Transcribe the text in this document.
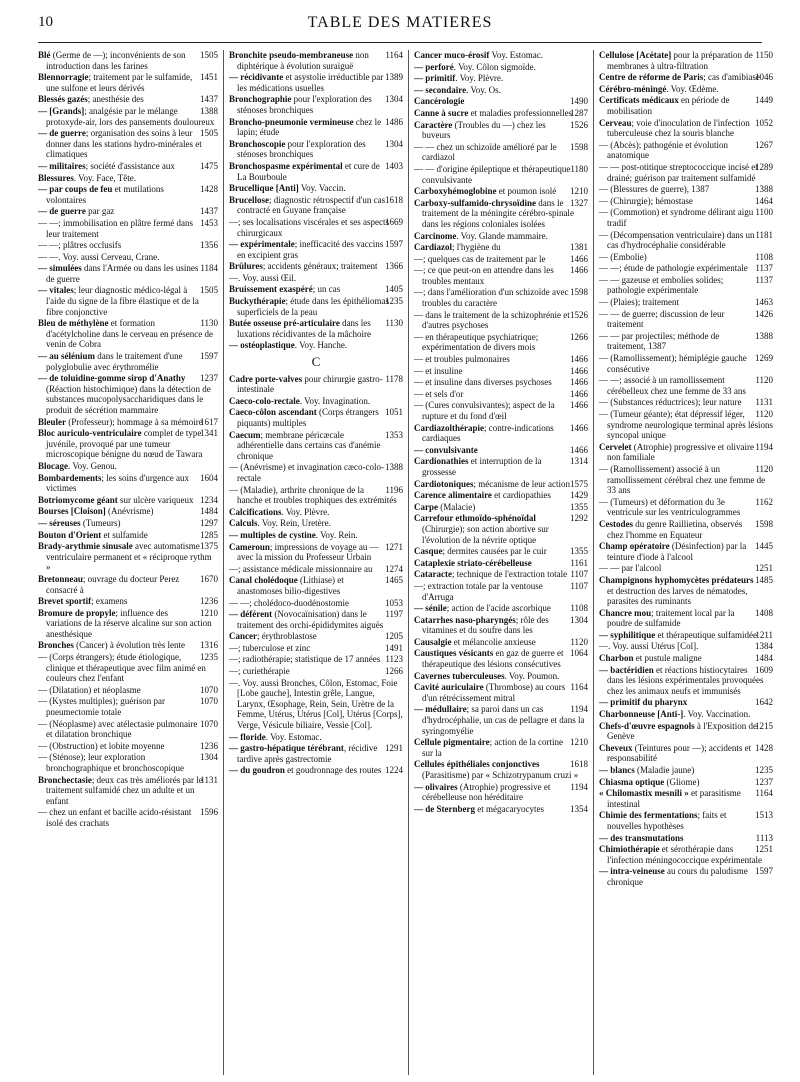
10	TABLE DES MATIERES
1505
Blé (Germe de —); inconvénients de son introduction dans les farines
1451
Blennorragie; traitement par le sulfamide, une sulfone et leurs dérivés
1437
Blessés gazés; anesthésie des
1388
— [Grands]; analgésie par le mélange protoxyde-air, lors des pansements douloureux
1505
— de guerre; organisation des soins à leur donner dans les stations hydro-minérales et climatiques
1475
— militaires; société d'assistance aux
Blessures. Voy. Face, Tête.
1428
— par coups de feu et mutilations volontaires
1437
— de guerre par gaz
1453
— —; immobilisation en plâtre fermé dans leur traitement
1356
— —; plâtres occlusifs
— —. Voy. aussi Cerveau, Crane.
1184
— simulées dans l'Armée ou dans les usines de guerre
1505
— vitales; leur diagnostic médico-légal à l'aide du signe de la fibre élastique et de la fibre conjonctive
1130
Bleu de méthylène et formation d'acétylcholine dans le cerveau en présence de venin de Cobra
1597
— au sélénium dans le traitement d'une polyglobulie avec érythromélie
1237
— de toluidine-gomme sirop d'Anathy (Réaction histochimique) dans la détection de substances mucopolysaccharidiques dans le produit de sécrétion mammaire
1617
Bleuler (Professeur); hommage à sa mémoire
1341
Bloc auriculo-ventriculaire complet de type juvénile, provoqué par une tumeur microscopique bénigne du nœud de Tawara
Blocage. Voy. Genou.
1604
Bombardements; les soins d'urgence aux victimes
1234
Botriomycome géant sur ulcère variqueux
1484
Bourses [Cloison] (Anévrisme)
1297
— séreuses (Tumeurs)
1285
Bouton d'Orient et sulfamide
1375
Brady-arythmie sinusale avec automatisme ventriculaire permanent et « réciproque rythm »
1670
Bretonneau; ouvrage du docteur Perez consacré à
1236
Brevet sportif; examens
1210
Bromure de propyle; influence des variations de la réserve alcaline sur son action anesthésique
1316
Bronches (Cancer) à évolution très lente
1235
— (Corps étrangers); étude étiologique, clinique et thérapeutique avec film animé en couleurs chez l'enfant
1070
— (Dilatation) et néoplasme
1070
— (Kystes multiples); guérison par pneumectomie totale
1070
— (Néoplasme) avec atélectasie pulmonaire et dilatation bronchique
1236
— (Obstruction) et lobite moyenne
1304
— (Sténose); leur exploration bronchographique et bronchoscopique
1131
Bronchectasie; deux cas très améliorés par le traitement sulfamidé chez un adulte et un enfant
1596
— chez un enfant et bacille acido-résistant isolé des crachats
1164
Bronchite pseudo-membraneuse non diphtérique à évolution suraiguë
1389
— récidivante et asystolie irréductible par les médications usuelles
1304
Bronchographie pour l'exploration des sténoses bronchiques
1486
Broncho-pneumonie vermineuse chez le lapin; étude
1304
Bronchoscopie pour l'exploration des sténoses bronchiques
1403
Bronchospasme expérimental et cure de La Bourboule
Brucellique [Anti] Voy. Vaccin.
1618
Brucellose; diagnostic rétrospectif d'un cas contracté en Guyane française
1669
—; ses localisations viscérales et ses aspects chirurgicaux
1597
— expérimentale; inefficacité des vaccins en excipient gras
1366
Brûlures; accidents généraux; traitement
—. Voy. aussi Œil.
1405
Bruissement exaspéré; un cas
1235
Buckythérapie; étude dans les épithéliomas superficiels de la peau
1130
Butée osseuse pré-articulaire dans les luxations récidivantes de la mâchoire
— ostéoplastique. Voy. Hanche.
C
1178
Cadre porte-valves pour chirurgie gastro-intestinale
Caeco-colo-rectale. Voy. Invagination.
1051
Caeco-côlon ascendant (Corps étrangers piquants) multiples
1353
Caecum; membrane péricæcale adhérentielle dans certains cas d'anémie chronique
1388
— (Anévrisme) et invagination cæco-colo-rectale
1196
— (Maladie), arthrite chronique de la hanche et troubles trophiques des extrémités
Calcifications. Voy. Plèvre.
Calculs. Voy. Rein, Uretère.
— multiples de cystine. Voy. Rein.
1271
Cameroun; impressions de voyage au — avec la mission du Professeur Urbain
1274
—; assistance médicale missionnaire au
1465
Canal cholédoque (Lithiase) et anastomoses bilio-digestives
1053
— —; cholédoco-duodénostomie
1197
— déférent (Novocaïnisation) dans le traitement des orchi-épididymites aiguës
1205
Cancer; érythroblastose
1491
—; tuberculose et zinc
1123
—; radiothérapie; statistique de 17 années
1266
—; curiethérapie
—. Voy. aussi Bronches, Côlon, Estomac, Foie [Lobe gauche], Intestin grêle, Langue, Larynx, Œsophage, Rein, Sein, Urètre de la Femme, Utérus, Utérus [Col], Utérus [Corps], Verge, Vésicule biliaire, Vessie [Col].
— floride. Voy. Estomac.
1291
— gastro-hépatique térébrant, récidive tardive après gastrectomie
1224
— du goudron et goudronnage des routes
Cancer muco-érosif Voy. Estomac.
— perforé. Voy. Côlon sigmoïde.
— primitif. Voy. Plèvre.
— secondaire. Voy. Os.
1490
Cancérologie
1287
Canne à sucre et maladies professionnelles
1526
Caractère (Troubles du —) chez les buveurs
1598
— — chez un schizoïde amélioré par le cardiazol
1180
— — d'origine épileptique et thérapeutique convulsivante
1210
Carboxyhémoglobine et poumon isolé
1327
Carboxy-sulfamido-chrysoïdine dans le traitement de la méningite cérébro-spinale dans les régions coloniales isolées
Carcinome. Voy. Glande mammaire.
1381
Cardiazol; l'hygiène du
1466
—; quelques cas de traitement par le
1466
—; ce que peut-on en attendre dans les troubles mentaux
1598
—; dans l'amélioration d'un schizoïde avec troubles du caractère
1526
— dans le traitement de la schizophrénie et d'autres psychoses
1266
— en thérapeutique psychiatrique; expérimentation de divers mois
1466
— et troubles pulmonaires
1466
— et insuline
1466
— et insuline dans diverses psychoses
1466
— et sels d'or
1466
— (Cures convulsivantes); aspect de la rupture et du fond d'œil
1466
Cardiazolthérapie; contre-indications cardiaques
1466
— convulsivante
1314
Cardionathies et interruption de la grossesse
1575
Cardiotoniques; mécanisme de leur action
1429
Carence alimentaire et cardiopathies
1355
Carpe (Malacie)
1292
Carrefour ethmoïdo-sphénoïdal (Chirurgie); son action abortive sur l'évolution de la névrite optique
1355
Casque; dermites causées par le cuir
1161
Cataplexie striato-cérébelleuse
1107
Cataracte; technique de l'extraction totale
1107
—; extraction totale par la ventouse d'Arruga
1108
— sénile; action de l'acide ascorbique
1304
Catarrhes naso-pharyngés; rôle des vitamines et du soufre dans les
1120
Causalgie et mélancolie anxieuse
1064
Caustiques vésicants en gaz de guerre et thérapeutique des lésions consécutives
Cavernes tuberculeuses. Voy. Poumon.
1164
Cavité auriculaire (Thrombose) au cours d'un rétrécissement mitral
1194
— médullaire; sa paroi dans un cas d'hydrocéphalie, un cas de pellagre et dans la syringomyélie
1210
Cellule pigmentaire; action de la cortine sur la
1618
Cellules épithéliales conjonctives (Parasitisme) par « Schizotrypanum cruzi »
1194
— olivaires (Atrophie) progressive et cérébelleuse non héréditaire
1354
— de Sternberg et mégacaryocytes
1150
Cellulose [Acétate] pour la préparation de membranes à ultra-filtration
1046
Centre de réforme de Paris; cas d'amibiase
Cérébro-méningé. Voy. Œdème.
1449
Certificats médicaux en période de mobilisation
1052
Cerveau; voie d'inoculation de l'infection tuberculeuse chez la souris blanche
1267
— (Abcès); pathogénie et évolution anatomique
1289
— — post-otitique streptococcique incisé et drainé; guérison par traitement sulfamidé
1388
— (Blessures de guerre), 1387
1464
— (Chirurgie); hémostase
1100
— (Commotion) et syndrome délirant aigu tradif
1181
— (Décompensation ventriculaire) dans un cas d'hydrocéphalie considérable
1108
— (Embolie)
1137
— —; étude de pathologie expérimentale
1137
— — gazeuse et embolies solides; pathologie expérimentale
1463
— (Plaies); traitement
1426
— — de guerre; discussion de leur traitement
1388
— — par projectiles; méthode de traitement, 1387
1269
— (Ramollissement); hémiplégie gauche consécutive
1120
— —; associé à un ramollissement cérébelleux chez une femme de 33 ans
1131
— (Substances réductrices); leur nature
1120
— (Tumeur géante); état dépressif léger, syndrome neurologique terminal après lésions syncopal unique
1194
Cervelet (Atrophie) progressive et olivaire non familiale
1120
— (Ramollissement) associé à un ramollissement cérébral chez une femme de 33 ans
1162
— (Tumeurs) et déformation du 3e ventricule sur les ventriculogrammes
1598
Cestodes du genre Raillietina, observés chez l'homme en Equateur
1445
Champ opératoire (Désinfection) par la teinture d'iode à l'alcool
1251
— — par l'alcool
1485
Champignons hyphomycètes prédateurs et destruction des larves de nématodes, parasites des ruminants
1408
Chancre mou; traitement local par la poudre de sulfamide
1211
— syphilitique et thérapeutique sulfamidée
1384
—. Voy. aussi Utérus [Col].
1484
Charbon et pustule maligne
1609
— bactéridien et réactions histiocytaires dans les lésions expérimentales provoquées chez les animaux neufs et immunisés
1642
— primitif du pharynx
Charbonneuse [Anti-]. Voy. Vaccination.
1215
Chefs-d'œuvre espagnols à l'Exposition de Genève
1428
Cheveux (Teintures pour —); accidents et responsabilité
1235
— blancs (Maladie jaune)
1237
Chiasma optique (Gliome)
1164
« Chilomastix mesnili » et parasitisme intestinal
1513
Chimie des fermentations; faits et nouvelles hypothèses
1113
— des transmutations
1251
Chimiothérapie et sérothérapie dans l'infection méningococcique expérimentale
1597
— intra-veineuse au cours du paludisme chronique
